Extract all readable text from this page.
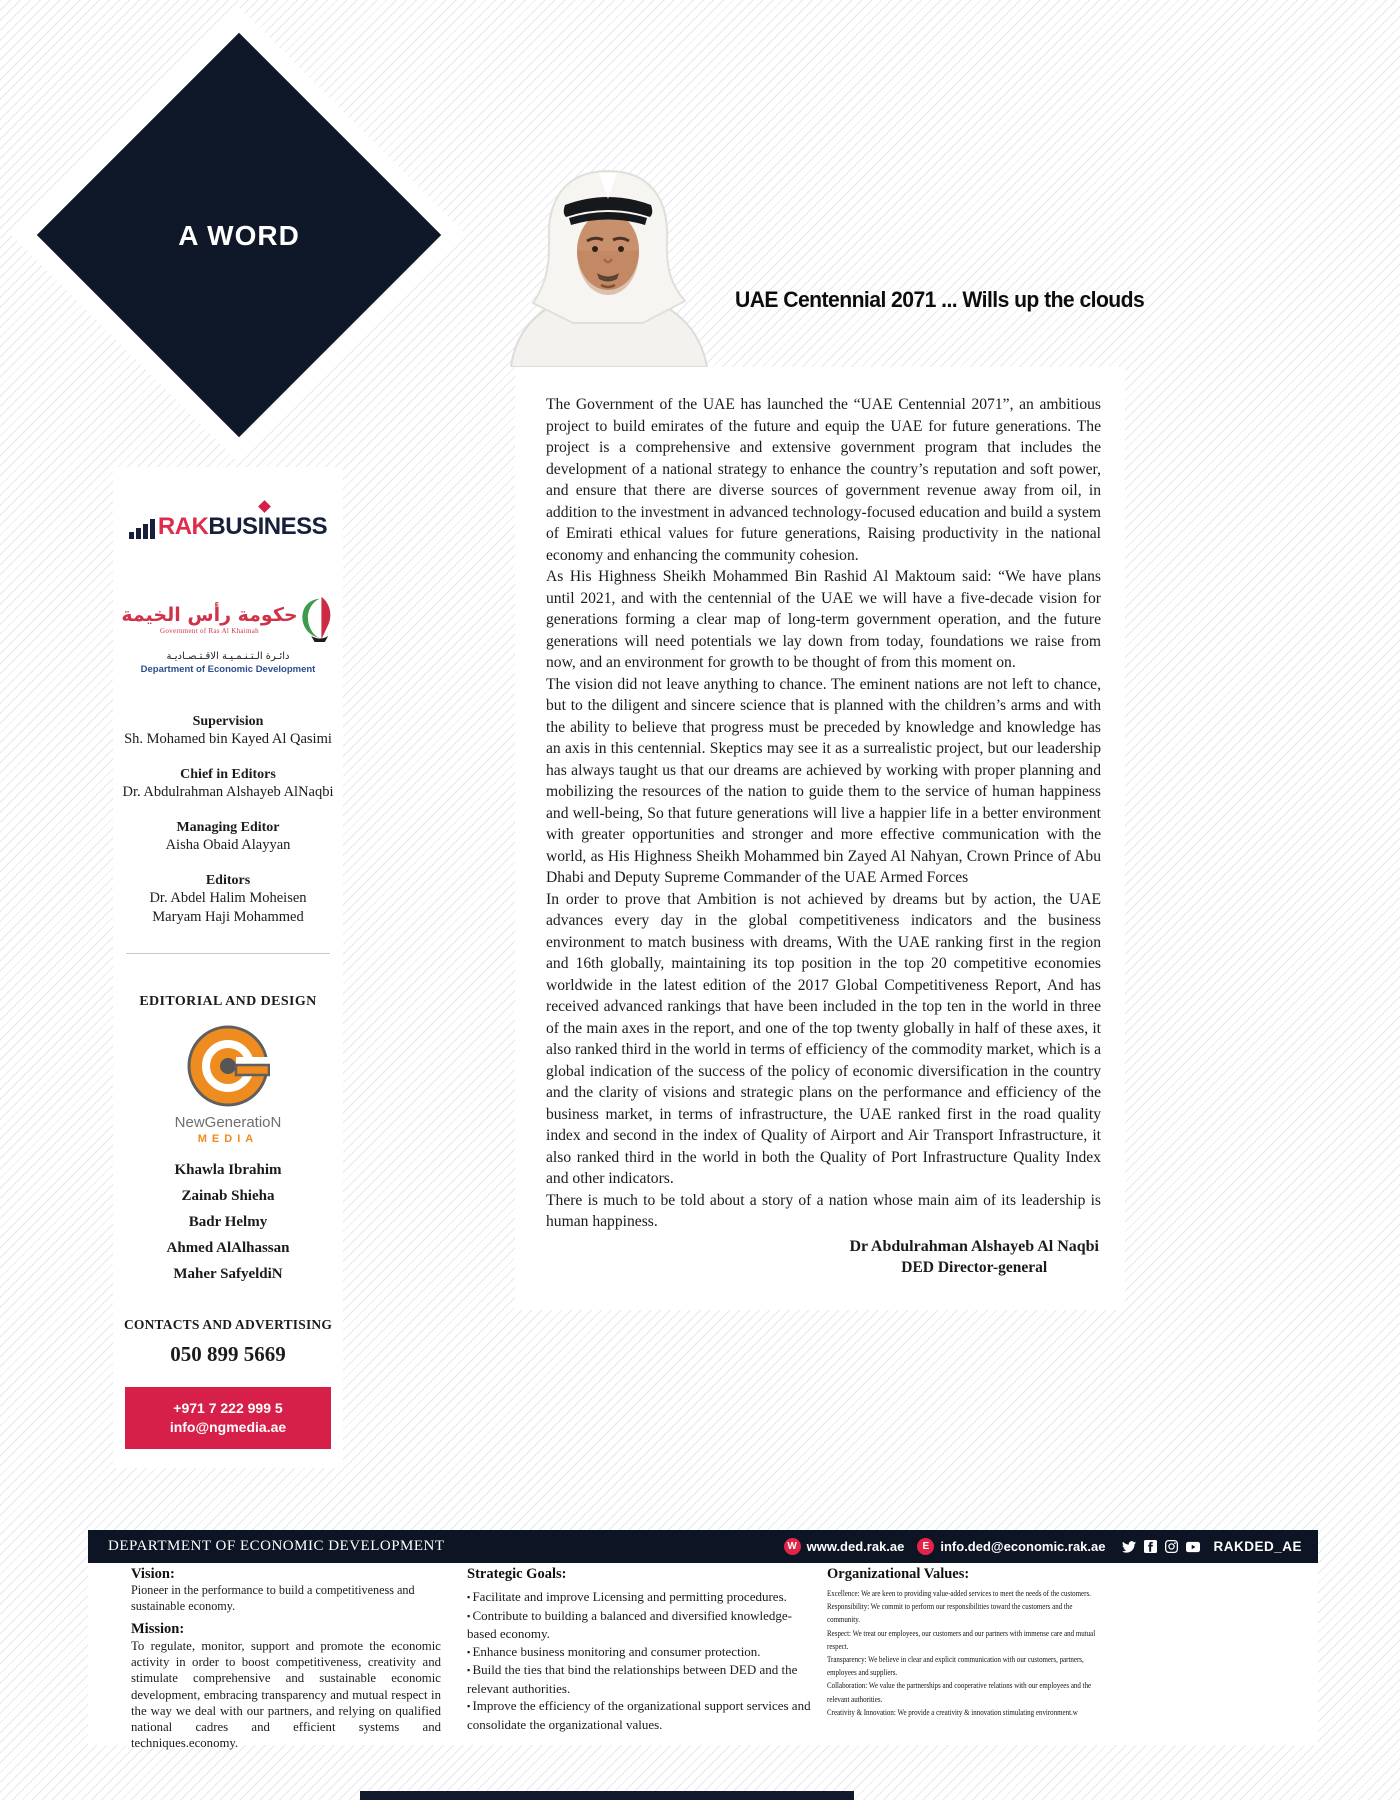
A WORD
UAE Centennial 2071 ... Wills up the clouds

The Government of the UAE has launched the “UAE Centennial 2071”, an ambitious project to build emirates of the future and equip the UAE for future generations. The project is a comprehensive and extensive government program that includes the development of a national strategy to enhance the country’s reputation and soft power, and ensure that there are diverse sources of government revenue away from oil, in addition to the investment in advanced technology-focused education and build a system of Emirati ethical values for future generations, Raising productivity in the national economy and enhancing the community cohesion.

As His Highness Sheikh Mohammed Bin Rashid Al Maktoum said: “We have plans until 2021, and with the centennial of the UAE we will have a five-decade vision for generations forming a clear map of long-term government operation, and the future generations will need potentials we lay down from today, foundations we raise from now, and an environment for growth to be thought of from this moment on.

The vision did not leave anything to chance. The eminent nations are not left to chance, but to the diligent and sincere science that is planned with the children’s arms and with the ability to believe that progress must be preceded by knowledge and knowledge has an axis in this centennial. Skeptics may see it as a surrealistic project, but our leadership has always taught us that our dreams are achieved by working with proper planning and mobilizing the resources of the nation to guide them to the service of human happiness and well-being, So that future generations will live a happier life in a better environment with greater opportunities and stronger and more effective communication with the world, as His Highness Sheikh Mohammed bin Zayed Al Nahyan, Crown Prince of Abu Dhabi and Deputy Supreme Commander of the UAE Armed Forces

In order to prove that Ambition is not achieved by dreams but by action, the UAE advances every day in the global competitiveness indicators and the business environment to match business with dreams, With the UAE ranking first in the region and 16th globally, maintaining its top position in the top 20 competitive economies worldwide in the latest edition of the 2017 Global Competitiveness Report, And has received advanced rankings that have been included in the top ten in the world in three of the main axes in the report, and one of the top twenty globally in half of these axes, it also ranked third in the world in terms of efficiency of the commodity market, which is a global indication of the success of the policy of economic diversification in the country and the clarity of visions and strategic plans on the performance and efficiency of the business market, in terms of infrastructure, the UAE ranked first in the road quality index and second in the index of Quality of Airport and Air Transport Infrastructure, it also ranked third in the world in both the Quality of Port Infrastructure Quality Index and other indicators.

There is much to be told about a story of a nation whose main aim of its leadership is human happiness.

Dr Abdulrahman Alshayeb Al Naqbi
DED Director-general
RAK BUSINESS
حكومة رأس الخيمة
Government of Ras Al Khaimah
دائـرة الـتـنـمـيـة الاقـتـصـاديـة
Department of Economic Development
Supervision
Sh. Mohamed bin Kayed Al Qasimi
Chief in Editors
Dr. Abdulrahman Alshayeb AlNaqbi
Managing Editor
Aisha Obaid Alayyan
Editors
Dr. Abdel Halim Moheisen
Maryam Haji Mohammed
EDITORIAL AND DESIGN
NewGeneratioN
MEDIA
Khawla Ibrahim
Zainab Shieha
Badr Helmy
Ahmed AlAlhassan
Maher SafyeldiN
CONTACTS AND ADVERTISING
050 899 5669
+971 7 222 999 5
info@ngmedia.ae
DEPARTMENT OF ECONOMIC DEVELOPMENT	W www.ded.rak.ae	E info.ded@economic.rak.ae	RAKDED_AE
Vision:
Pioneer in the performance to build a competitiveness and sustainable economy.
Mission:
To regulate, monitor, support and promote the economic activity in order to boost competitiveness, creativity and stimulate comprehensive and sustainable economic development, embracing transparency and mutual respect in the way we deal with our partners, and relying on qualified national cadres and efficient systems and techniques.economy.
Strategic Goals:
▪ Facilitate and improve Licensing and permitting procedures.
▪ Contribute to building a balanced and diversified knowledge-based economy.
▪ Enhance business monitoring and consumer protection.
▪ Build the ties that bind the relationships between DED and the relevant authorities.
▪ Improve the efficiency of the organizational support services and consolidate the organizational values.
Organizational Values:
Excellence: We are keen to providing value-added services to meet the needs of the customers.
Responsibility: We commit to perform our responsibilities toward the customers and the community.
Respect: We treat our employees, our customers and our partners with immense care and mutual respect.
Transparency: We believe in clear and explicit communication with our customers, partners, employees and suppliers.
Collaboration: We value the partnerships and cooperative relations with our employees and the relevant authorities.
Creativity & Innovation: We provide a creativity & innovation stimulating environment.w
